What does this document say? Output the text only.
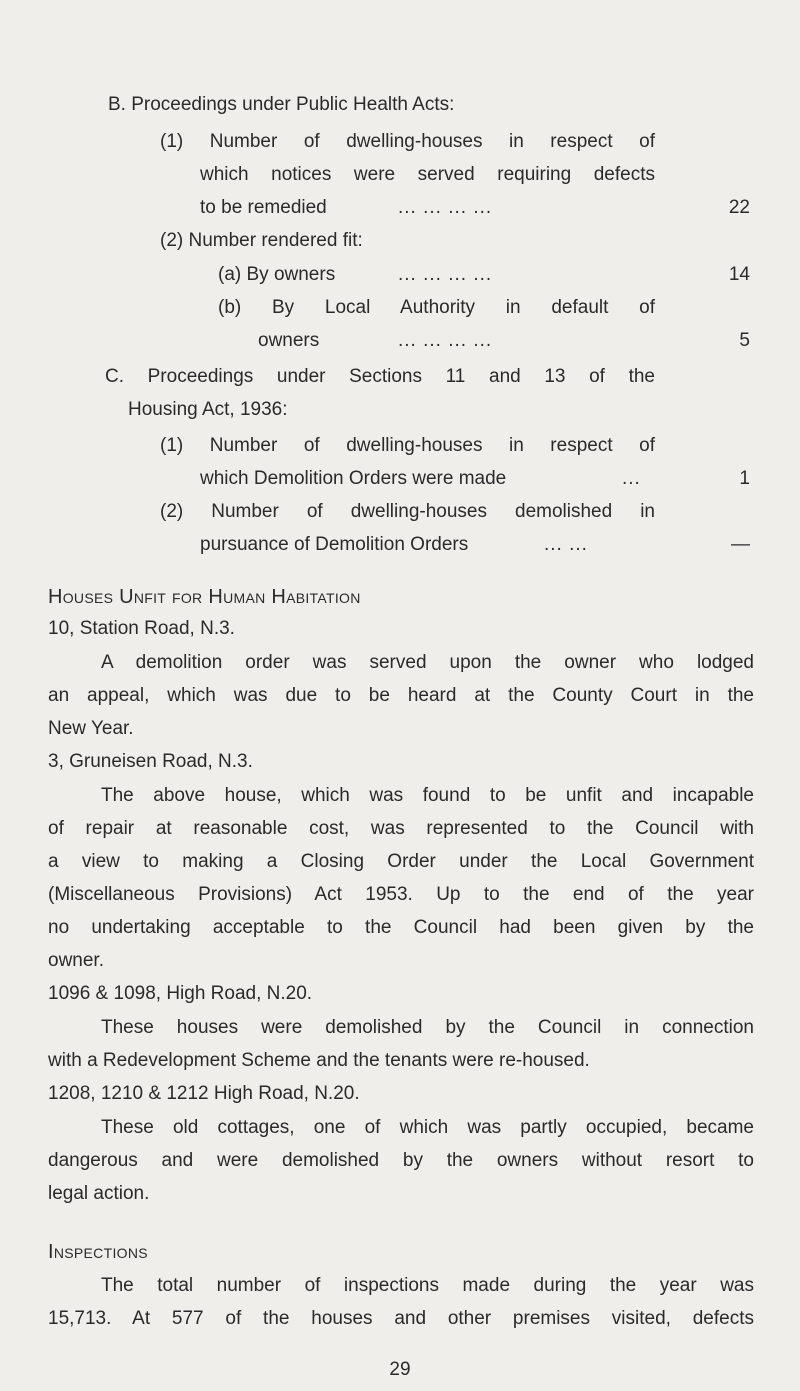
B. Proceedings under Public Health Acts:
(1) Number of dwelling-houses in respect of
which notices were served requiring defects
to be remedied	... ... ... ...	22
(2) Number rendered fit:
(a) By owners	... ... ... ...	14
(b) By Local Authority in default of
owners	... ... ... ...	5
C. Proceedings under Sections 11 and 13 of the
Housing Act, 1936:
(1) Number of dwelling-houses in respect of
which Demolition Orders were made	...	1
(2) Number of dwelling-houses demolished in
pursuance of Demolition Orders	... ...	—
Houses Unfit for Human Habitation
10, Station Road, N.3.
A demolition order was served upon the owner who lodged
an appeal, which was due to be heard at the County Court in the
New Year.
3, Gruneisen Road, N.3.
The above house, which was found to be unfit and incapable
of repair at reasonable cost, was represented to the Council with
a view to making a Closing Order under the Local Government
(Miscellaneous Provisions) Act 1953. Up to the end of the year
no undertaking acceptable to the Council had been given by the
owner.
1096 & 1098, High Road, N.20.
These houses were demolished by the Council in connection
with a Redevelopment Scheme and the tenants were re-housed.
1208, 1210 & 1212 High Road, N.20.
These old cottages, one of which was partly occupied, became
dangerous and were demolished by the owners without resort to
legal action.
Inspections
The total number of inspections made during the year was
15,713. At 577 of the houses and other premises visited, defects
29
